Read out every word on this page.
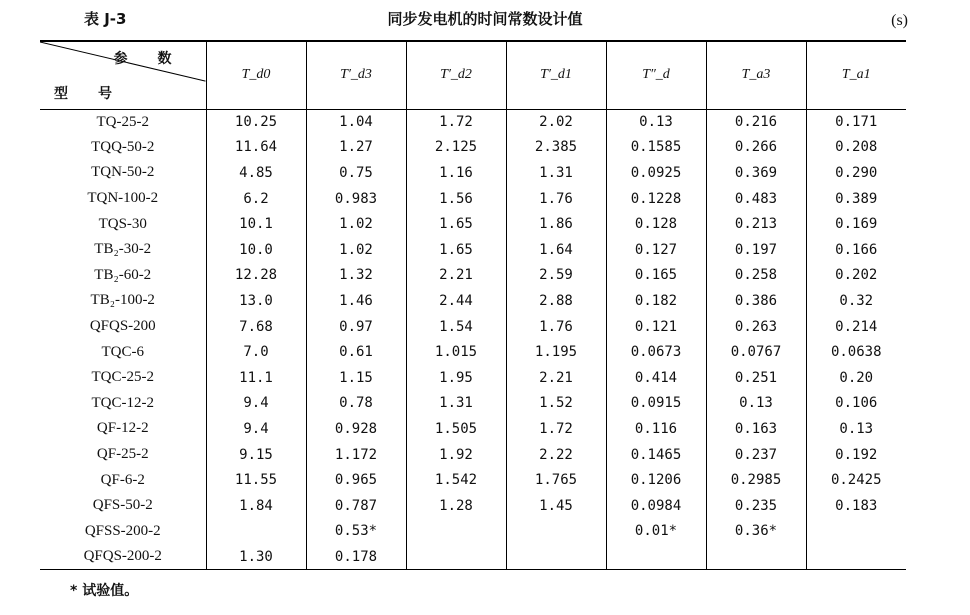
表 J-3	同步发电机的时间常数设计值	(s)
参数
型号	T_d0	T′_d3	T′_d2	T′_d1	T″_d	T_a3	T_a1
TQ-25-2	10.25	1.04	1.72	2.02	0.13	0.216	0.171
TQQ-50-2	11.64	1.27	2.125	2.385	0.1585	0.266	0.208
TQN-50-2	4.85	0.75	1.16	1.31	0.0925	0.369	0.290
TQN-100-2	6.2	0.983	1.56	1.76	0.1228	0.483	0.389
TQS-30	10.1	1.02	1.65	1.86	0.128	0.213	0.169
TB₂-30-2	10.0	1.02	1.65	1.64	0.127	0.197	0.166
TB₂-60-2	12.28	1.32	2.21	2.59	0.165	0.258	0.202
TB₂-100-2	13.0	1.46	2.44	2.88	0.182	0.386	0.32
QFQS-200	7.68	0.97	1.54	1.76	0.121	0.263	0.214
TQC-6	7.0	0.61	1.015	1.195	0.0673	0.0767	0.0638
TQC-25-2	11.1	1.15	1.95	2.21	0.414	0.251	0.20
TQC-12-2	9.4	0.78	1.31	1.52	0.0915	0.13	0.106
QF-12-2	9.4	0.928	1.505	1.72	0.116	0.163	0.13
QF-25-2	9.15	1.172	1.92	2.22	0.1465	0.237	0.192
QF-6-2	11.55	0.965	1.542	1.765	0.1206	0.2985	0.2425
QFS-50-2	1.84	0.787	1.28	1.45	0.0984	0.235	0.183
QFSS-200-2		0.53*			0.01*	0.36*	
QFQS-200-2	1.30	0.178					
* 试验值。
